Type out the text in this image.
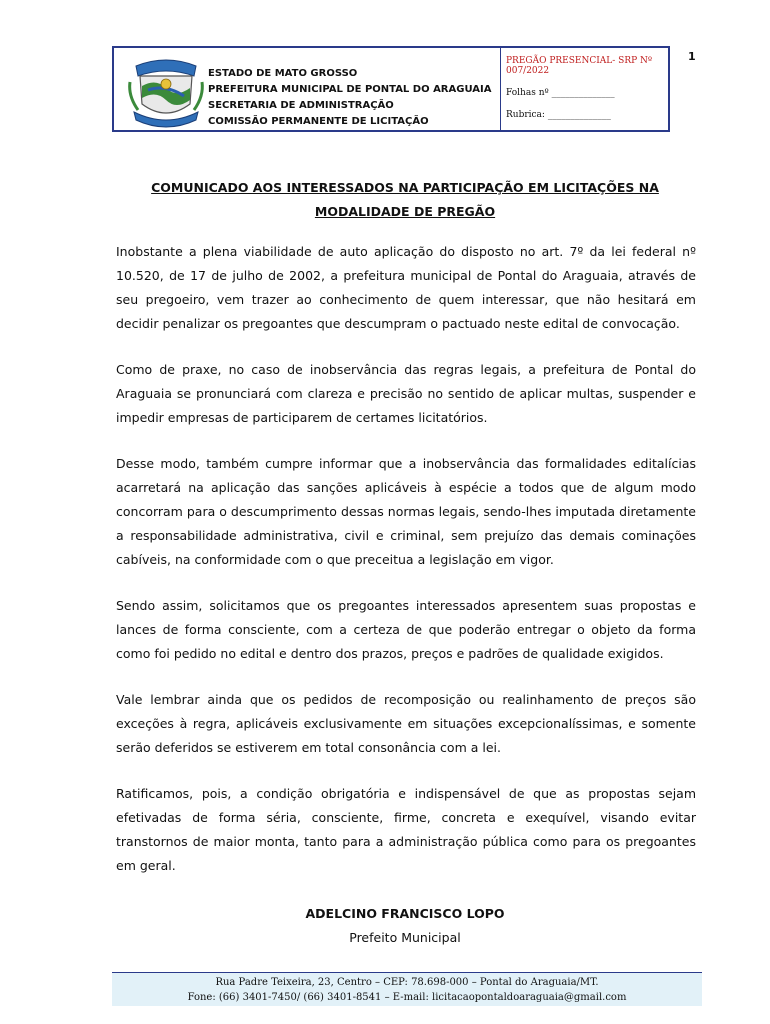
1
ESTADO DE MATO GROSSO
PREFEITURA MUNICIPAL DE PONTAL DO ARAGUAIA
SECRETARIA DE ADMINISTRAÇÃO
COMISSÃO PERMANENTE DE LICITAÇÃO
PREGÃO PRESENCIAL- SRP Nº 007/2022
Folhas nº ______________
Rubrica: ______________
COMUNICADO AOS INTERESSADOS NA PARTICIPAÇÃO EM LICITAÇÕES NA
MODALIDADE DE PREGÃO

Inobstante a plena viabilidade de auto aplicação do disposto no art. 7º da lei federal nº 10.520, de 17 de julho de 2002, a prefeitura municipal de Pontal do Araguaia, através de seu pregoeiro, vem trazer ao conhecimento de quem interessar, que não hesitará em decidir penalizar os pregoantes que descumpram o pactuado neste edital de convocação.

Como de praxe, no caso de inobservância das regras legais, a prefeitura de Pontal do Araguaia se pronunciará com clareza e precisão no sentido de aplicar multas, suspender e impedir empresas de participarem de certames licitatórios.

Desse modo, também cumpre informar que a inobservância das formalidades editalícias acarretará na aplicação das sanções aplicáveis à espécie a todos que de algum modo concorram para o descumprimento dessas normas legais, sendo-lhes imputada diretamente a responsabilidade administrativa, civil e criminal, sem prejuízo das demais cominações cabíveis, na conformidade com o que preceitua a legislação em vigor.

Sendo assim, solicitamos que os pregoantes interessados apresentem suas propostas e lances de forma consciente, com a certeza de que poderão entregar o objeto da forma como foi pedido no edital e dentro dos prazos, preços e padrões de qualidade exigidos.

Vale lembrar ainda que os pedidos de recomposição ou realinhamento de preços são exceções à regra, aplicáveis exclusivamente em situações excepcionalíssimas, e somente serão deferidos se estiverem em total consonância com a lei.

Ratificamos, pois, a condição obrigatória e indispensável de que as propostas sejam efetivadas de forma séria, consciente, firme, concreta e exequível, visando evitar transtornos de maior monta, tanto para a administração pública como para os pregoantes em geral.

ADELCINO FRANCISCO LOPO
Prefeito Municipal
Rua Padre Teixeira, 23, Centro – CEP: 78.698-000 – Pontal do Araguaia/MT.
Fone: (66) 3401-7450/ (66) 3401-8541 – E-mail: licitacaopontaldoaraguaia@gmail.com
